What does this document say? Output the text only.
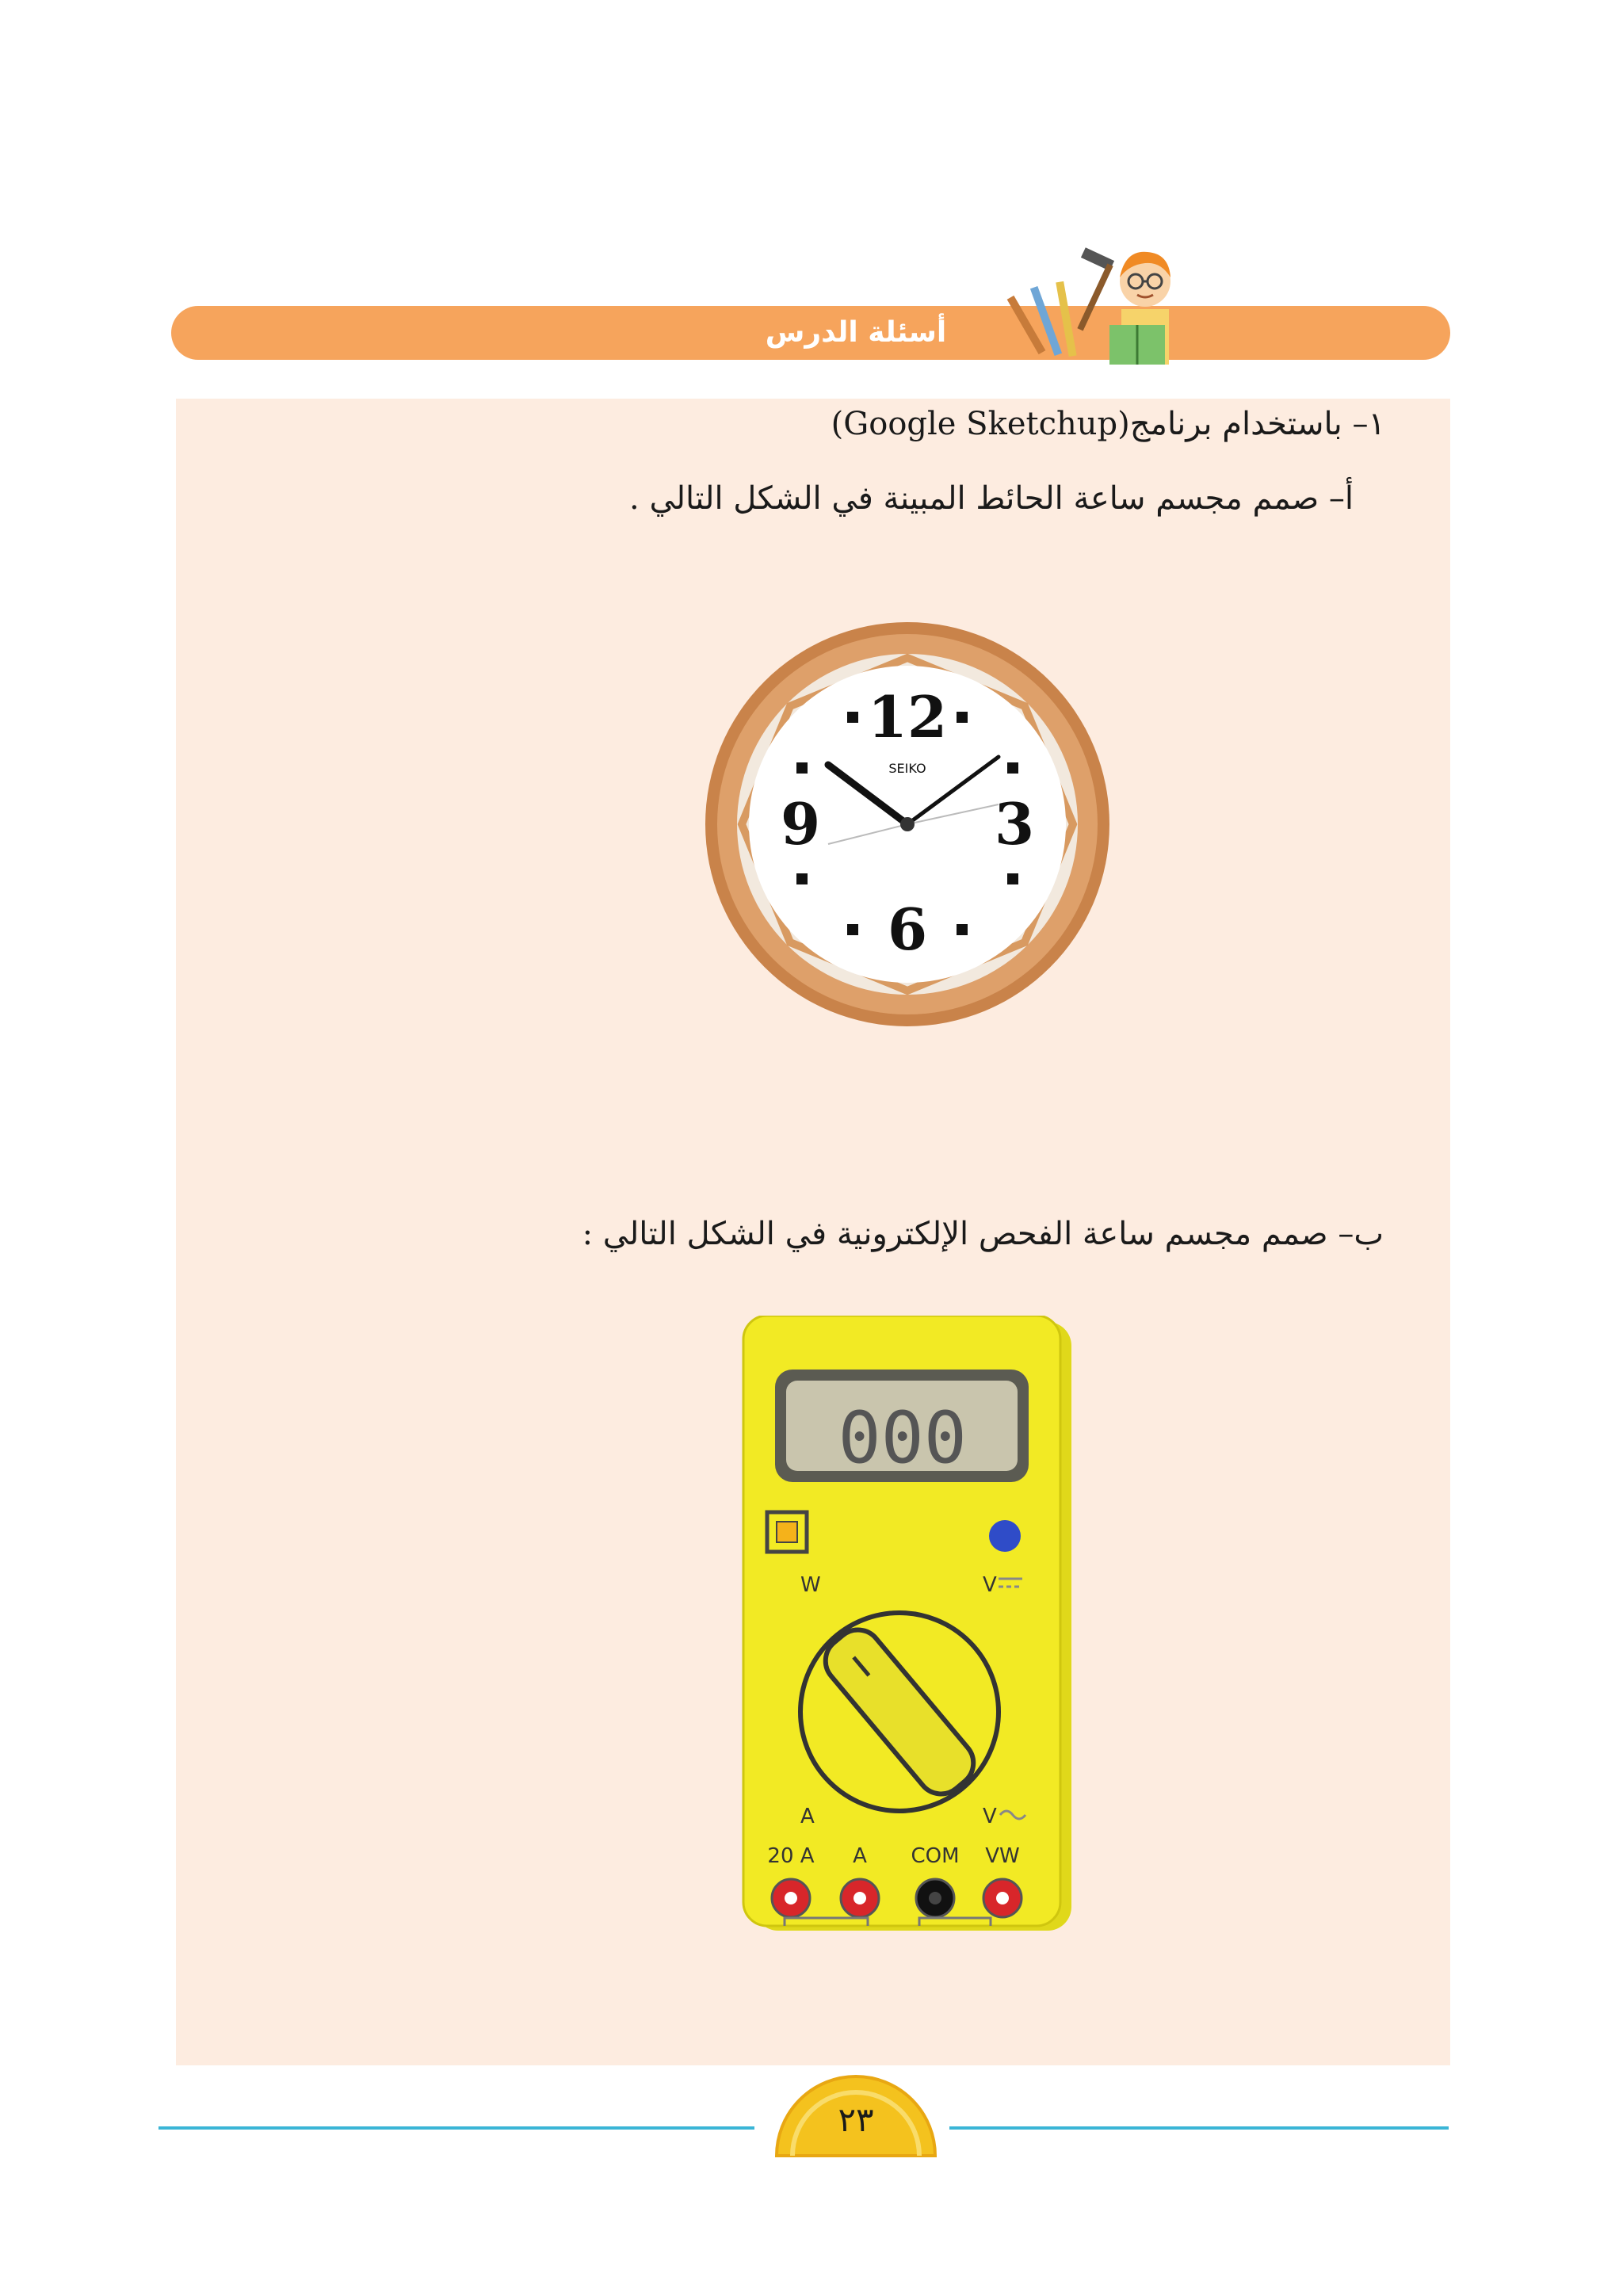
أسئلة الدرس
١– باستخدام برنامج(Google Sketchup)
أ– صمم مجسم ساعة الحائط المبينة في الشكل التالي .
12
3
6
9
SEIKO
ب– صمم مجسم ساعة الفحص الإلكترونية في الشكل التالي :
000
W	V
A	V
20 A A COM VW
٢٣
